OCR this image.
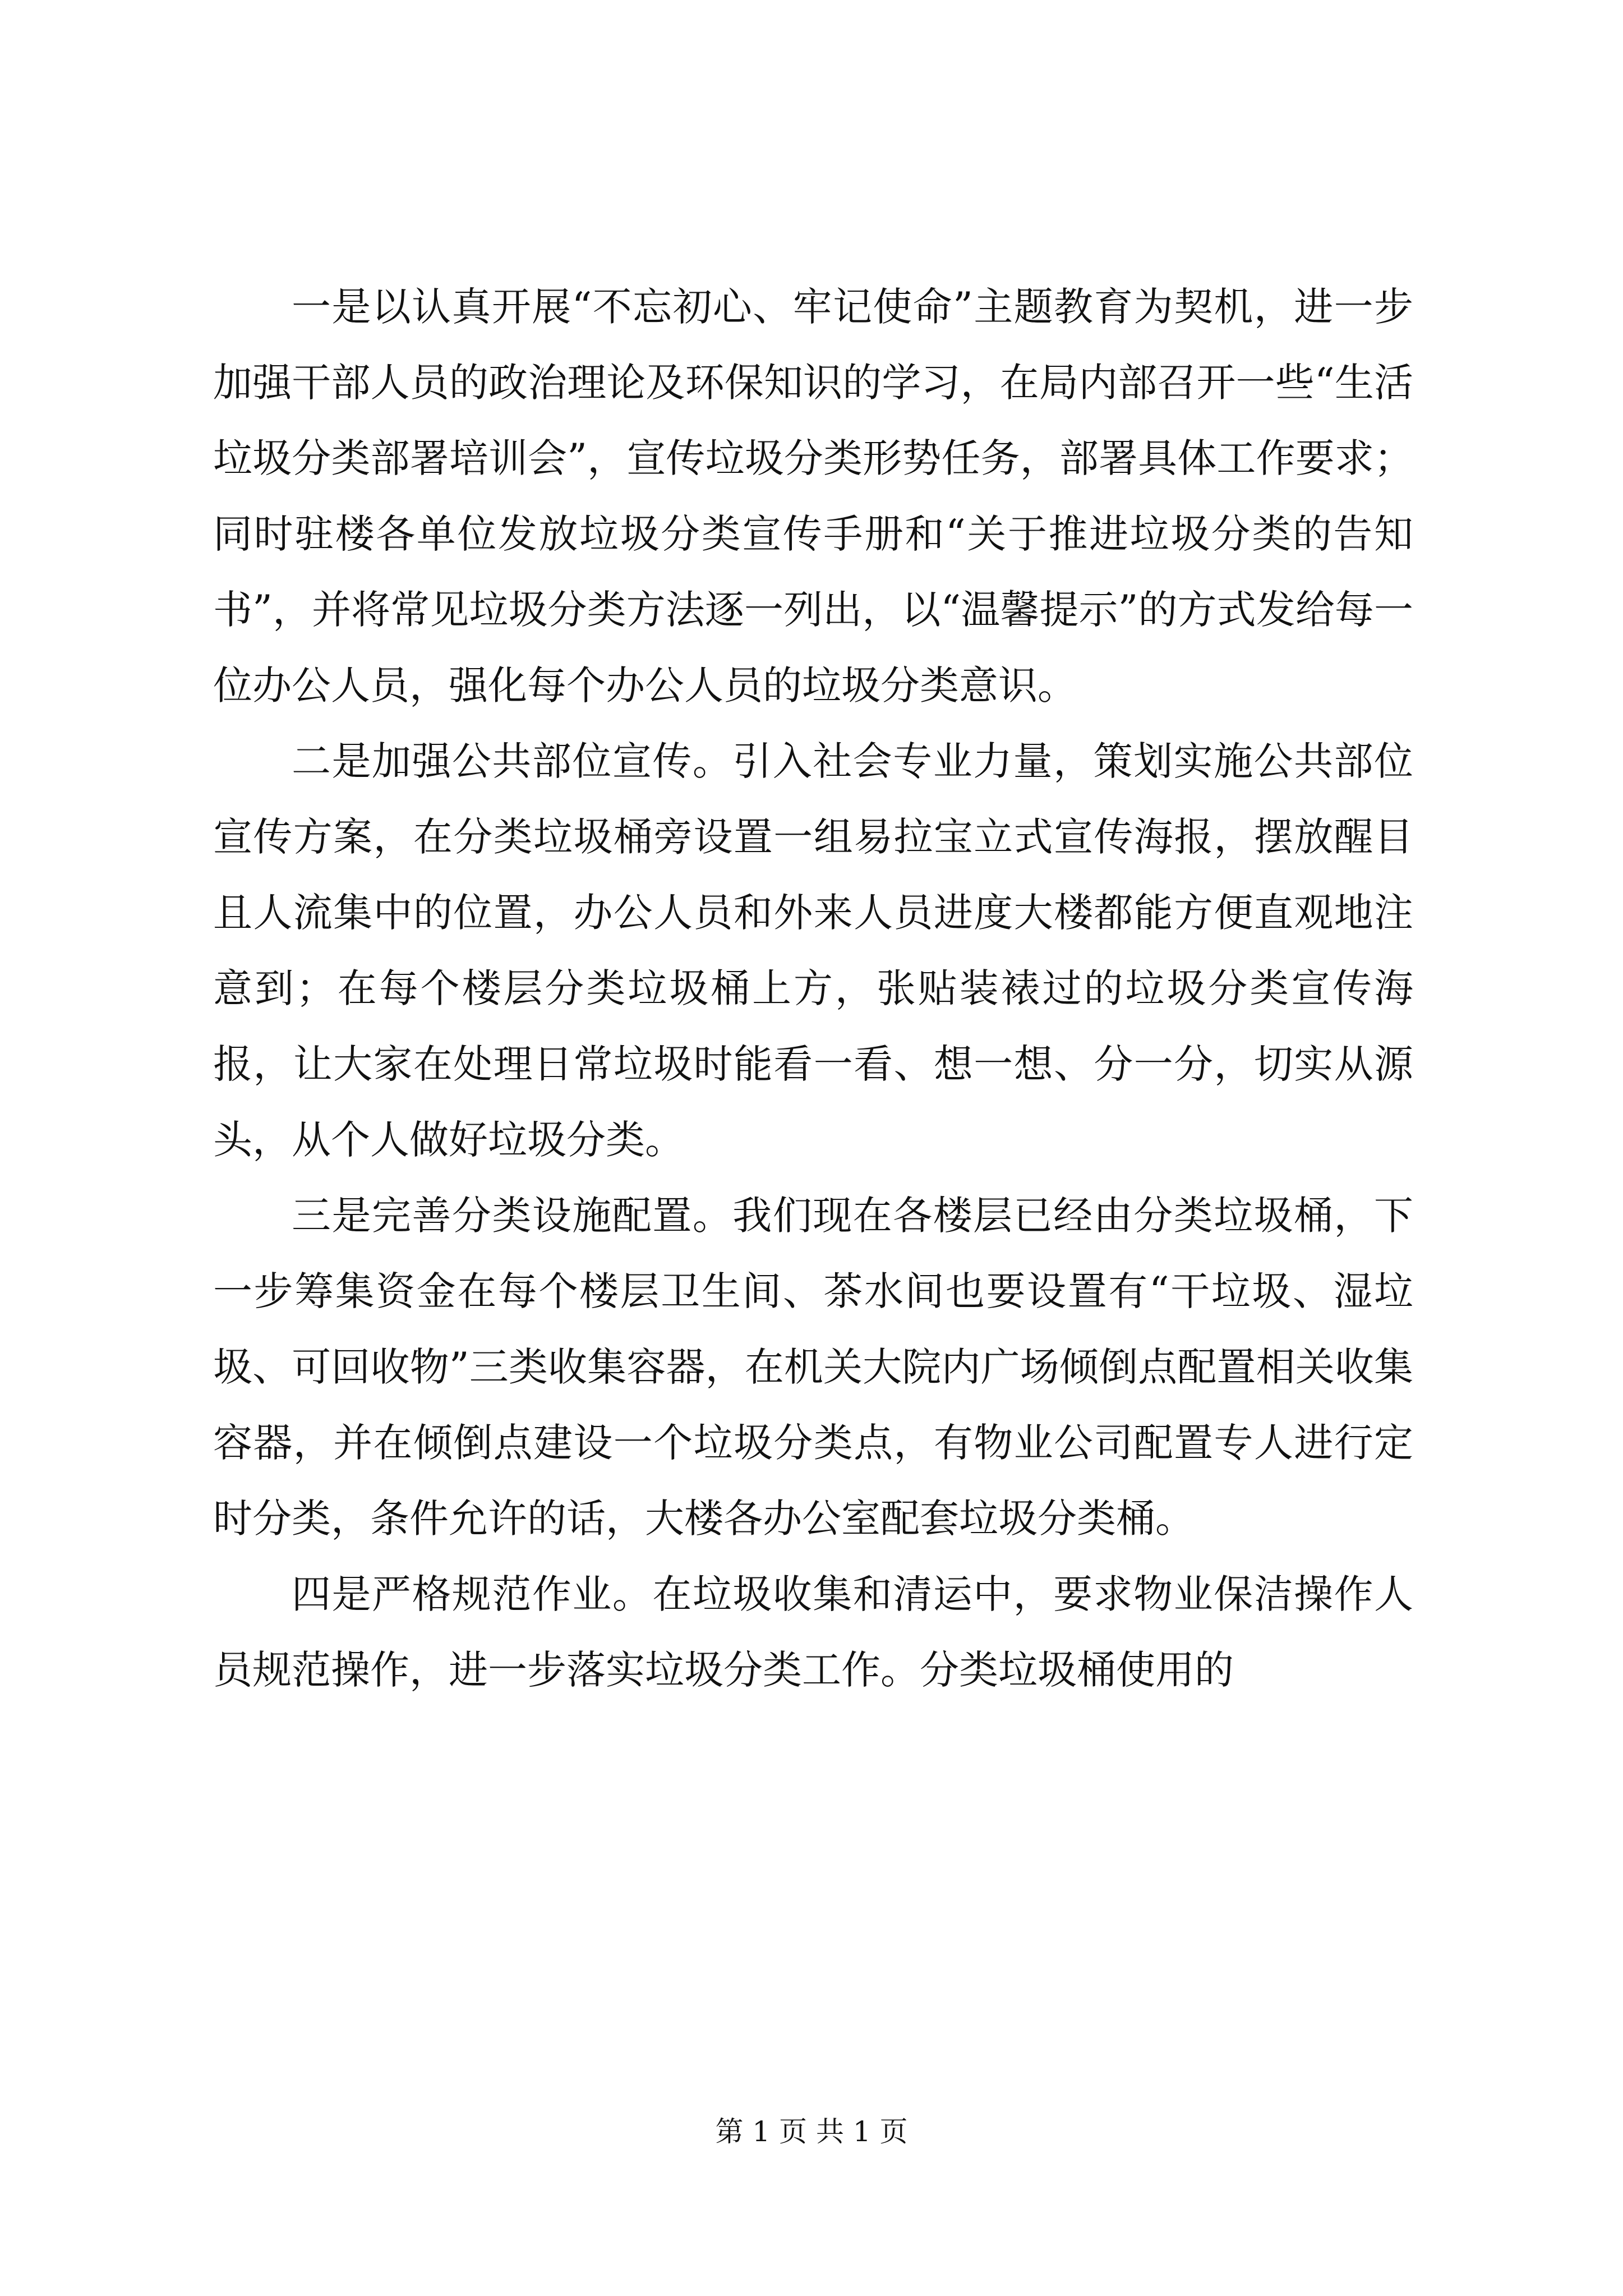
一是以认真开展“不忘初心、牢记使命”主题教育为契机，进一步加强干部人员的政治理论及环保知识的学习，在局内部召开一些“生活垃圾分类部署培训会”，宣传垃圾分类形势任务，部署具体工作要求；同时驻楼各单位发放垃圾分类宣传手册和“关于推进垃圾分类的告知书”，并将常见垃圾分类方法逐一列出，以“温馨提示”的方式发给每一位办公人员，强化每个办公人员的垃圾分类意识。

二是加强公共部位宣传。引入社会专业力量，策划实施公共部位宣传方案，在分类垃圾桶旁设置一组易拉宝立式宣传海报，摆放醒目且人流集中的位置，办公人员和外来人员进度大楼都能方便直观地注意到；在每个楼层分类垃圾桶上方，张贴装裱过的垃圾分类宣传海报，让大家在处理日常垃圾时能看一看、想一想、分一分，切实从源头，从个人做好垃圾分类。

三是完善分类设施配置。我们现在各楼层已经由分类垃圾桶，下一步筹集资金在每个楼层卫生间、茶水间也要设置有“干垃圾、湿垃圾、可回收物”三类收集容器，在机关大院内广场倾倒点配置相关收集容器，并在倾倒点建设一个垃圾分类点，有物业公司配置专人进行定时分类，条件允许的话，大楼各办公室配套垃圾分类桶。

四是严格规范作业。在垃圾收集和清运中，要求物业保洁操作人员规范操作，进一步落实垃圾分类工作。分类垃圾桶使用的

第 1 页 共 1 页
